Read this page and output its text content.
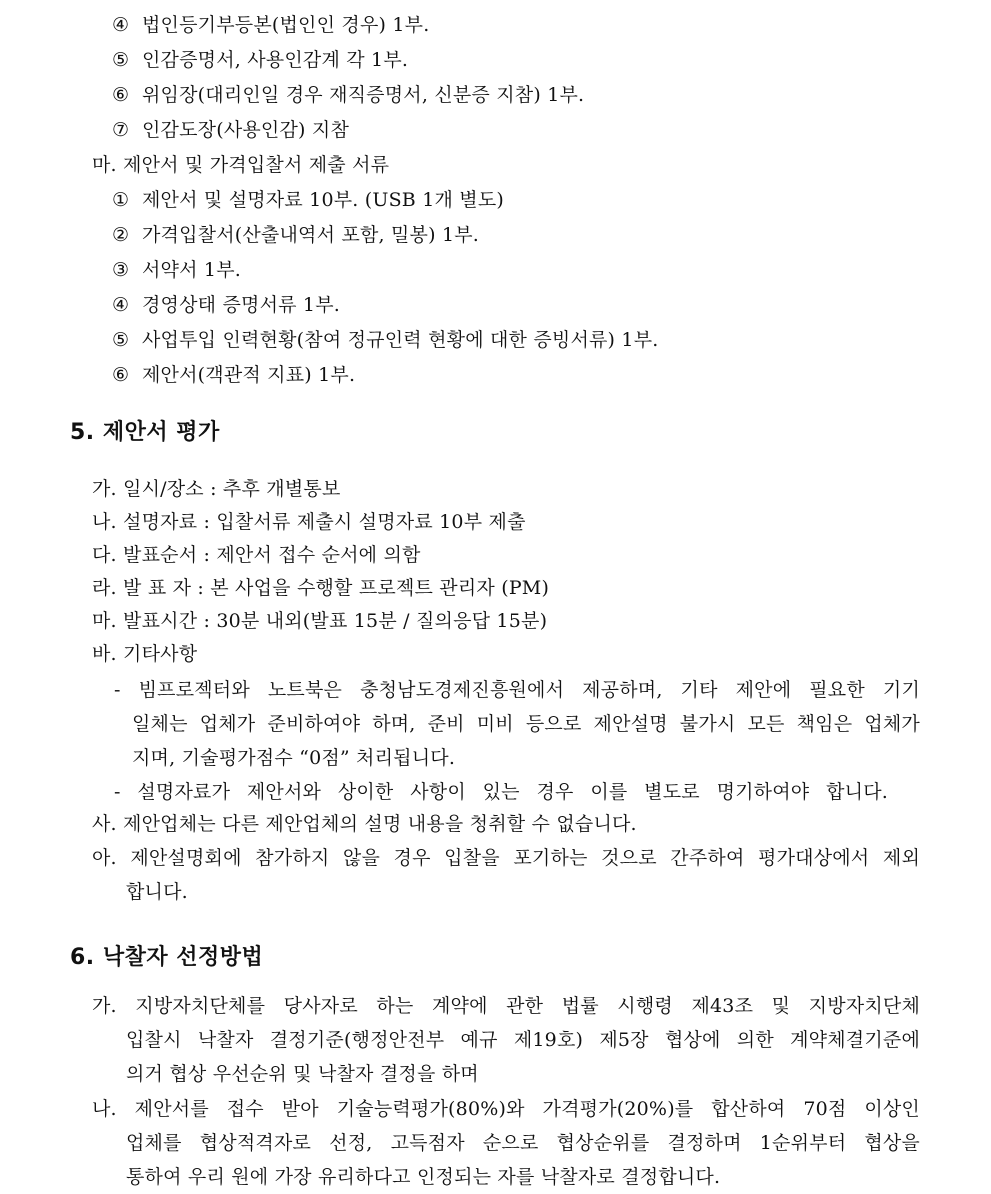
④ 법인등기부등본(법인인 경우) 1부.
⑤ 인감증명서, 사용인감계 각 1부.
⑥ 위임장(대리인일 경우 재직증명서, 신분증 지참) 1부.
⑦ 인감도장(사용인감) 지참
마. 제안서 및 가격입찰서 제출 서류
① 제안서 및 설명자료 10부. (USB 1개 별도)
② 가격입찰서(산출내역서 포함, 밀봉) 1부.
③ 서약서 1부.
④ 경영상태 증명서류 1부.
⑤ 사업투입 인력현황(참여 정규인력 현황에 대한 증빙서류) 1부.
⑥ 제안서(객관적 지표) 1부.
5. 제안서 평가
가. 일시/장소 : 추후 개별통보
나. 설명자료 : 입찰서류 제출시 설명자료 10부 제출
다. 발표순서 : 제안서 접수 순서에 의함
라. 발 표 자 : 본 사업을 수행할 프로젝트 관리자 (PM)
마. 발표시간 : 30분 내외(발표 15분 / 질의응답 15분)
바. 기타사항
- 빔프로젝터와 노트북은 충청남도경제진흥원에서 제공하며, 기타 제안에 필요한 기기
일체는 업체가 준비하여야 하며, 준비 미비 등으로 제안설명 불가시 모든 책임은 업체가
지며, 기술평가점수 “0점” 처리됩니다.
- 설명자료가 제안서와 상이한 사항이 있는 경우 이를 별도로 명기하여야 합니다.
사. 제안업체는 다른 제안업체의 설명 내용을 청취할 수 없습니다.
아. 제안설명회에 참가하지 않을 경우 입찰을 포기하는 것으로 간주하여 평가대상에서 제외
합니다.
6. 낙찰자 선정방법
가. 지방자치단체를 당사자로 하는 계약에 관한 법률 시행령 제43조 및 지방자치단체
입찰시 낙찰자 결정기준(행정안전부 예규 제19호) 제5장 협상에 의한 계약체결기준에
의거 협상 우선순위 및 낙찰자 결정을 하며
나. 제안서를 접수 받아 기술능력평가(80%)와 가격평가(20%)를 합산하여 70점 이상인
업체를 협상적격자로 선정, 고득점자 순으로 협상순위를 결정하며 1순위부터 협상을
통하여 우리 원에 가장 유리하다고 인정되는 자를 낙찰자로 결정합니다.
